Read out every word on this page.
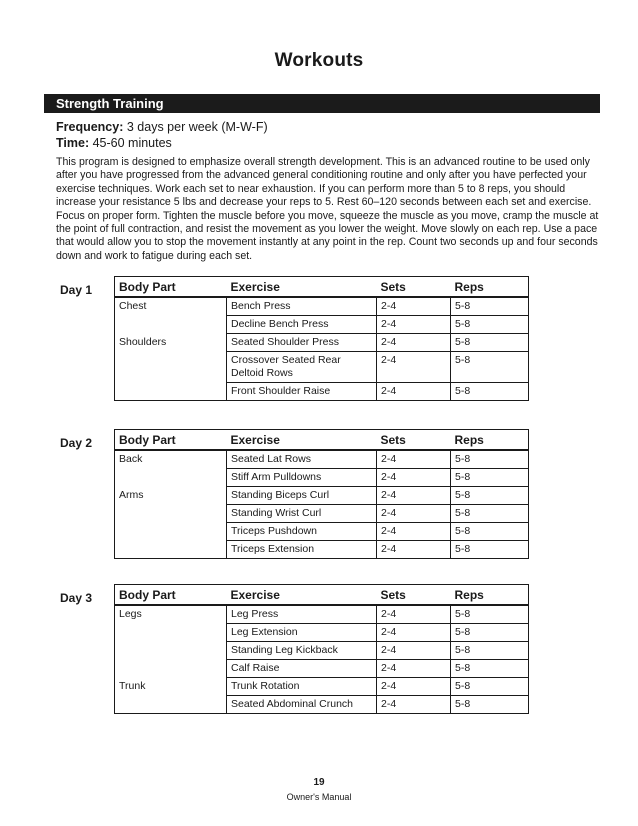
Workouts
Strength Training
Frequency: 3 days per week (M-W-F)
Time: 45-60 minutes

This program is designed to emphasize overall strength development. This is an advanced routine to be used only after you have progressed from the advanced general conditioning routine and only after you have perfected your exercise techniques. Work each set to near exhaustion. If you can perform more than 5 to 8 reps, you should increase your resistance 5 lbs and decrease your reps to 5. Rest 60–120 seconds between each set and exercise. Focus on proper form. Tighten the muscle before you move, squeeze the muscle as you move, cramp the muscle at the point of full contraction, and resist the movement as you lower the weight. Move slowly on each rep. Use a pace that would allow you to stop the movement instantly at any point in the rep. Count two seconds up and four seconds down and work to fatigue during each set.

Day 1 Body Part	Exercise	Sets	Reps
Chest	Bench Press	2-4	5-8
	Decline Bench Press	2-4	5-8
Shoulders	Seated Shoulder Press	2-4	5-8
	Crossover Seated Rear Deltoid Rows	2-4	5-8
	Front Shoulder Raise	2-4	5-8
Day 2 Body Part	Exercise	Sets	Reps
Back	Seated Lat Rows	2-4	5-8
	Stiff Arm Pulldowns	2-4	5-8
Arms	Standing Biceps Curl	2-4	5-8
	Standing Wrist Curl	2-4	5-8
	Triceps Pushdown	2-4	5-8
	Triceps Extension	2-4	5-8
Day 3 Body Part	Exercise	Sets	Reps
Legs	Leg Press	2-4	5-8
	Leg Extension	2-4	5-8
	Standing Leg Kickback	2-4	5-8
	Calf Raise	2-4	5-8
Trunk	Trunk Rotation	2-4	5-8
	Seated Abdominal Crunch	2-4	5-8
19
Owner's Manual
